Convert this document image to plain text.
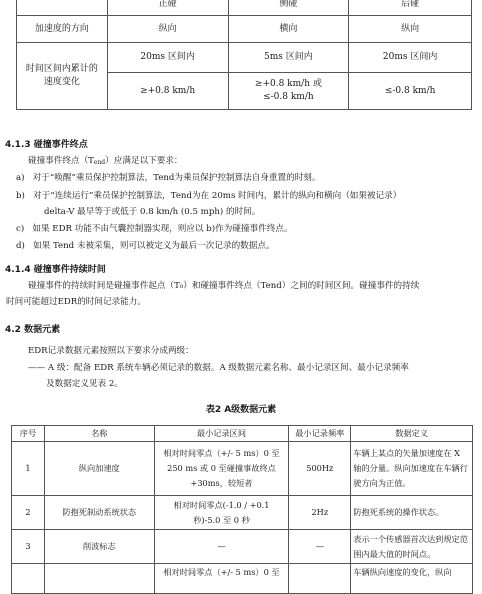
	正碰	侧碰	后碰
加速度的方向	纵向	横向	纵向
时间区间内累计的速度变化	20ms 区间内	5ms 区间内	20ms 区间内
	≥+0.8 km/h	≥+0.8 km/h 或≤-0.8 km/h	≤-0.8 km/h
4.1.3 碰撞事件终点
碰撞事件终点（Tend）应满足以下要求：
a) 对于“唤醒”乘员保护控制算法，Tend为乘员保护控制算法自身重置的时刻。
b) 对于“连续运行”乘员保护控制算法，Tend为在 20ms 时间内，累计的纵向和横向（如果被记录）
delta-V 最早等于或低于 0.8 km/h (0.5 mph) 的时间。
c) 如果 EDR 功能不由气囊控制器实现，则应以 b)作为碰撞事件终点。
d) 如果 Tend 未被采集，则可以被定义为最后一次记录的数据点。
4.1.4 碰撞事件持续时间
碰撞事件的持续时间是碰撞事件起点（T₀）和碰撞事件终点（Tend）之间的时间区间。碰撞事件的持续
时间可能超过EDR的时间记录能力。
4.2 数据元素
EDR记录数据元素按照以下要求分成两级：
—— A 级：配备 EDR 系统车辆必须记录的数据。A 级数据元素名称、最小记录区间、最小记录频率
及数据定义见表 2。
表2 A级数据元素
序号	名称	最小记录区间	最小记录频率	数据定义
1	纵向加速度	相对时间零点（+/- 5 ms）0 至 250 ms 或 0 至碰撞事故终点 +30ms，较短者	500Hz	车辆上某点的矢量加速度在 X 轴的分量。纵向加速度在车辆行驶方向为正值。
2	防抱死制动系统状态	相对时间零点(-1.0 / +0.1 秒)-5.0 至 0 秒	2Hz	防抱死系统的操作状态。
3	削波标志	—	—	表示一个传感器首次达到规定范围内最大值的时间点。
		相对时间零点（+/- 5 ms）0 至		车辆纵向速度的变化，纵向
